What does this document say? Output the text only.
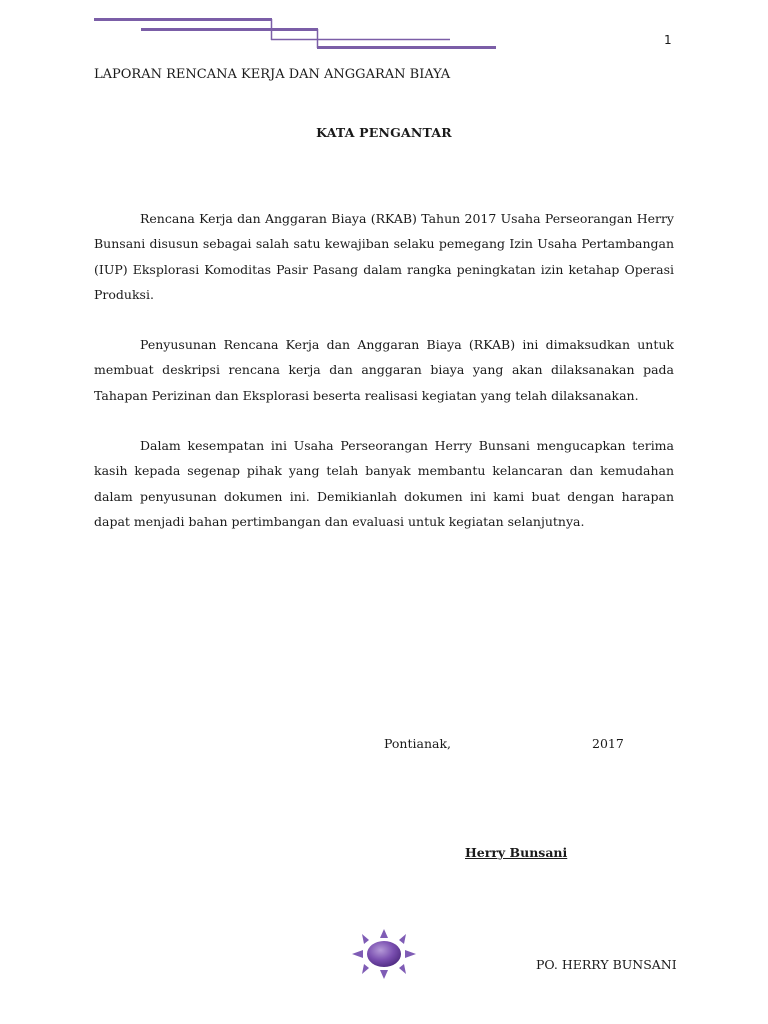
1
LAPORAN RENCANA KERJA DAN ANGGARAN BIAYA
KATA PENGANTAR

Rencana Kerja dan Anggaran Biaya (RKAB) Tahun 2017 Usaha Perseorangan Herry Bunsani disusun sebagai salah satu kewajiban selaku pemegang Izin Usaha Pertambangan (IUP) Eksplorasi Komoditas Pasir Pasang dalam rangka peningkatan izin ketahap Operasi Produksi.

Penyusunan Rencana Kerja dan Anggaran Biaya (RKAB) ini dimaksudkan untuk membuat deskripsi rencana kerja dan anggaran biaya yang akan dilaksanakan pada Tahapan Perizinan dan Eksplorasi beserta realisasi kegiatan yang telah dilaksanakan.

Dalam kesempatan ini Usaha Perseorangan Herry Bunsani mengucapkan terima kasih kepada segenap pihak yang telah banyak membantu kelancaran dan kemudahan dalam penyusunan dokumen ini. Demikianlah dokumen ini kami buat dengan harapan dapat menjadi bahan pertimbangan dan evaluasi untuk kegiatan selanjutnya.

Pontianak,	2017
Herry Bunsani
PO. HERRY BUNSANI
